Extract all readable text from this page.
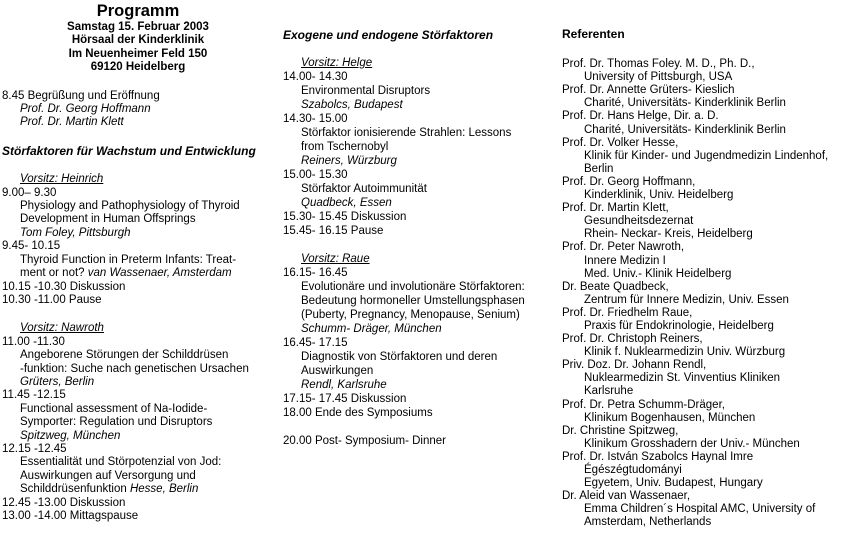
Programm
Samstag 15. Februar 2003
Hörsaal der Kinderklinik
Im Neuenheimer Feld 150
69120 Heidelberg
8.45 Begrüßung und Eröffnung
Prof. Dr. Georg Hoffmann
Prof. Dr. Martin Klett
Störfaktoren für Wachstum und Entwicklung
Vorsitz: Heinrich
9.00– 9.30
Physiology and Pathophysiology of Thyroid
Development in Human Offsprings
Tom Foley, Pittsburgh
9.45- 10.15
Thyroid Function in Preterm Infants: Treat-
ment or not? van Wassenaer, Amsterdam
10.15 -10.30 Diskussion
10.30 -11.00 Pause
Vorsitz: Nawroth
11.00 -11.30
Angeborene Störungen der Schilddrüsen
-funktion: Suche nach genetischen Ursachen
Grüters, Berlin
11.45 -12.15
Functional assessment of Na-Iodide-
Symporter: Regulation und Disruptors
Spitzweg, München
12.15 -12.45
Essentialität und Störpotenzial von Jod:
Auswirkungen auf Versorgung und
Schilddrüsenfunktion Hesse, Berlin
12.45 -13.00 Diskussion
13.00 -14.00 Mittagspause
Exogene und endogene Störfaktoren
Vorsitz: Helge
14.00- 14.30
Environmental Disruptors
Szabolcs, Budapest
14.30- 15.00
Störfaktor ionisierende Strahlen: Lessons
from Tschernobyl
Reiners, Würzburg
15.00- 15.30
Störfaktor Autoimmunität
Quadbeck, Essen
15.30- 15.45 Diskussion
15.45- 16.15 Pause
Vorsitz: Raue
16.15- 16.45
Evolutionäre und involutionäre Störfaktoren:
Bedeutung hormoneller Umstellungsphasen
(Puberty, Pregnancy, Menopause, Senium)
Schumm- Dräger, München
16.45- 17.15
Diagnostik von Störfaktoren und deren
Auswirkungen
Rendl, Karlsruhe
17.15- 17.45 Diskussion
18.00 Ende des Symposiums
20.00 Post- Symposium- Dinner
Referenten
Prof. Dr. Thomas Foley. M. D., Ph. D.,
University of Pittsburgh, USA
Prof. Dr. Annette Grüters- Kieslich
Charité, Universitäts- Kinderklinik Berlin
Prof. Dr. Hans Helge, Dir. a. D.
Charité, Universitäts- Kinderklinik Berlin
Prof. Dr. Volker Hesse,
Klinik für Kinder- und Jugendmedizin Lindenhof,
Berlin
Prof. Dr. Georg Hoffmann,
Kinderklinik, Univ. Heidelberg
Prof. Dr. Martin Klett,
Gesundheitsdezernat
Rhein- Neckar- Kreis, Heidelberg
Prof. Dr. Peter Nawroth,
Innere Medizin I
Med. Univ.- Klinik Heidelberg
Dr. Beate Quadbeck,
Zentrum für Innere Medizin, Univ. Essen
Prof. Dr. Friedhelm Raue,
Praxis für Endokrinologie, Heidelberg
Prof. Dr. Christoph Reiners,
Klinik f. Nuklearmedizin Univ. Würzburg
Priv. Doz. Dr. Johann Rendl,
Nuklearmedizin St. Vinventius Kliniken
Karlsruhe
Prof. Dr. Petra Schumm-Dräger,
Klinikum Bogenhausen, München
Dr. Christine Spitzweg,
Klinikum Grosshadern der Univ.- München
Prof. Dr. István Szabolcs Haynal Imre
Égészégtudományi
Egyetem, Univ. Budapest, Hungary
Dr. Aleid van Wassenaer,
Emma Children´s Hospital AMC, University of
Amsterdam, Netherlands
